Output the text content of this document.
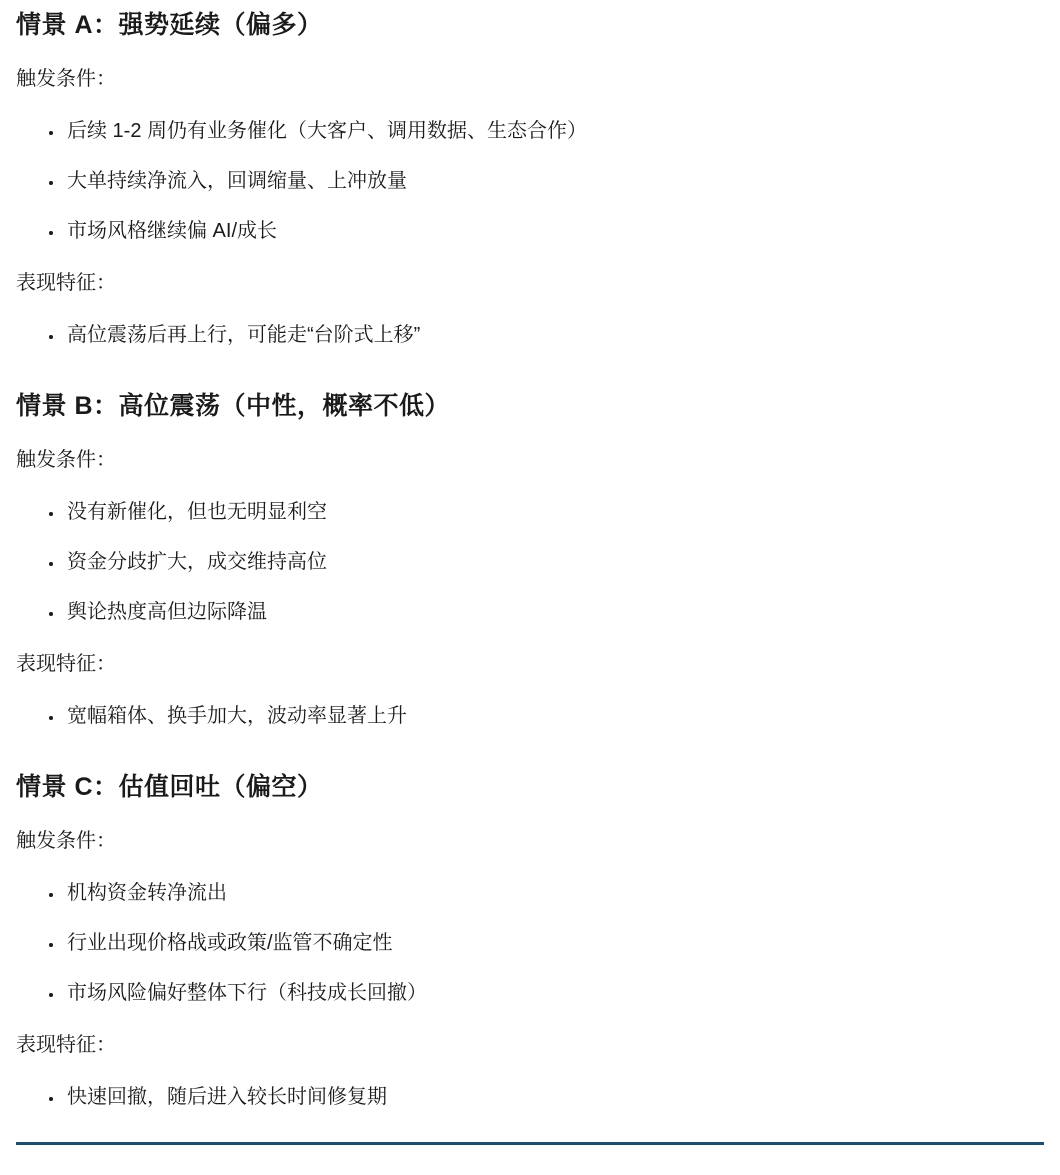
情景 A：强势延续（偏多）

触发条件：

• 后续 1-2 周仍有业务催化（大客户、调用数据、生态合作）
• 大单持续净流入，回调缩量、上冲放量
• 市场风格继续偏 AI/成长

表现特征：

• 高位震荡后再上行，可能走“台阶式上移”
情景 B：高位震荡（中性，概率不低）

触发条件：

• 没有新催化，但也无明显利空
• 资金分歧扩大，成交维持高位
• 舆论热度高但边际降温

表现特征：

• 宽幅箱体、换手加大，波动率显著上升
情景 C：估值回吐（偏空）

触发条件：

• 机构资金转净流出
• 行业出现价格战或政策/监管不确定性
• 市场风险偏好整体下行（科技成长回撤）

表现特征：

• 快速回撤，随后进入较长时间修复期
